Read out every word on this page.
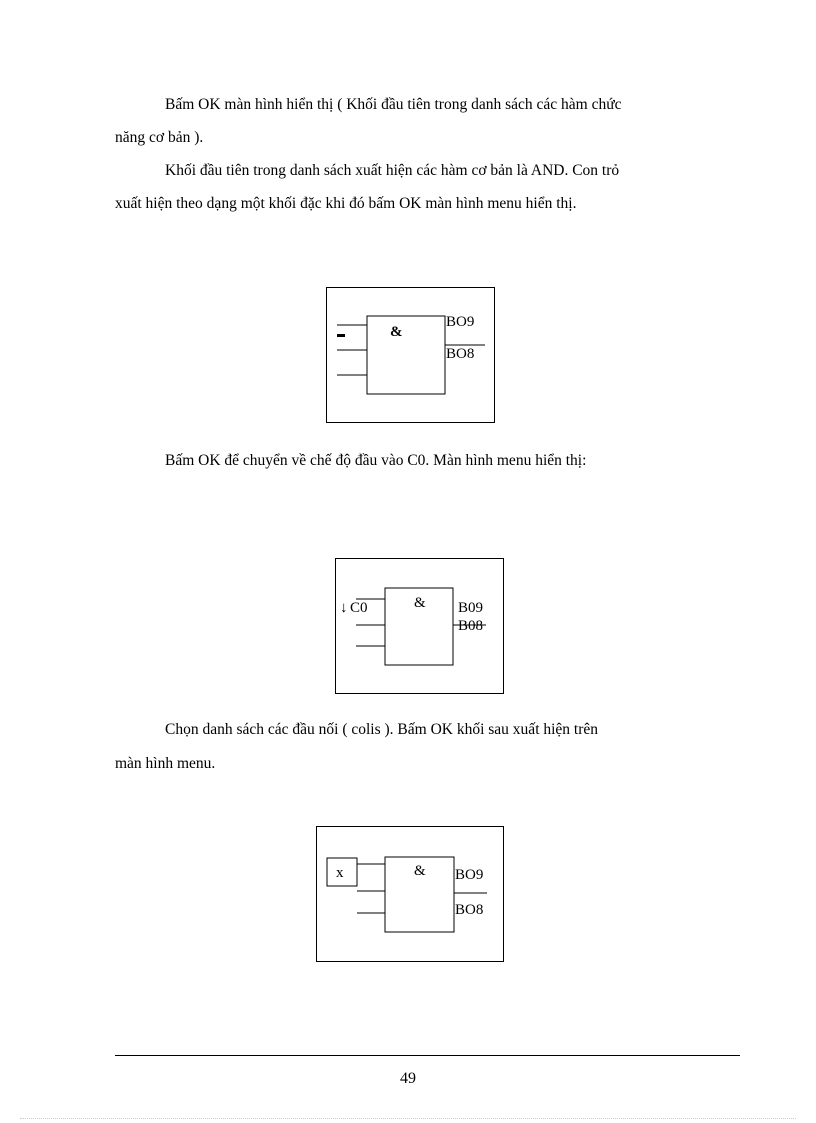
Bấm OK màn hình hiển thị ( Khối đầu tiên trong danh sách các hàm chức
năng cơ bản ).
Khối đầu tiên trong danh sách xuất hiện các hàm cơ bản là AND. Con trỏ
xuất hiện theo dạng một khối đặc khi đó bấm OK màn hình menu hiển thị.
&
BO9
BO8
Bấm OK để chuyển về chế độ đầu vào C0. Màn hình menu hiển thị:
↓ C0	& B09
B08
Chọn danh sách các đầu nối ( colis ). Bấm OK khối sau xuất hiện trên
màn hình menu.
x	& BO9
BO8
49
